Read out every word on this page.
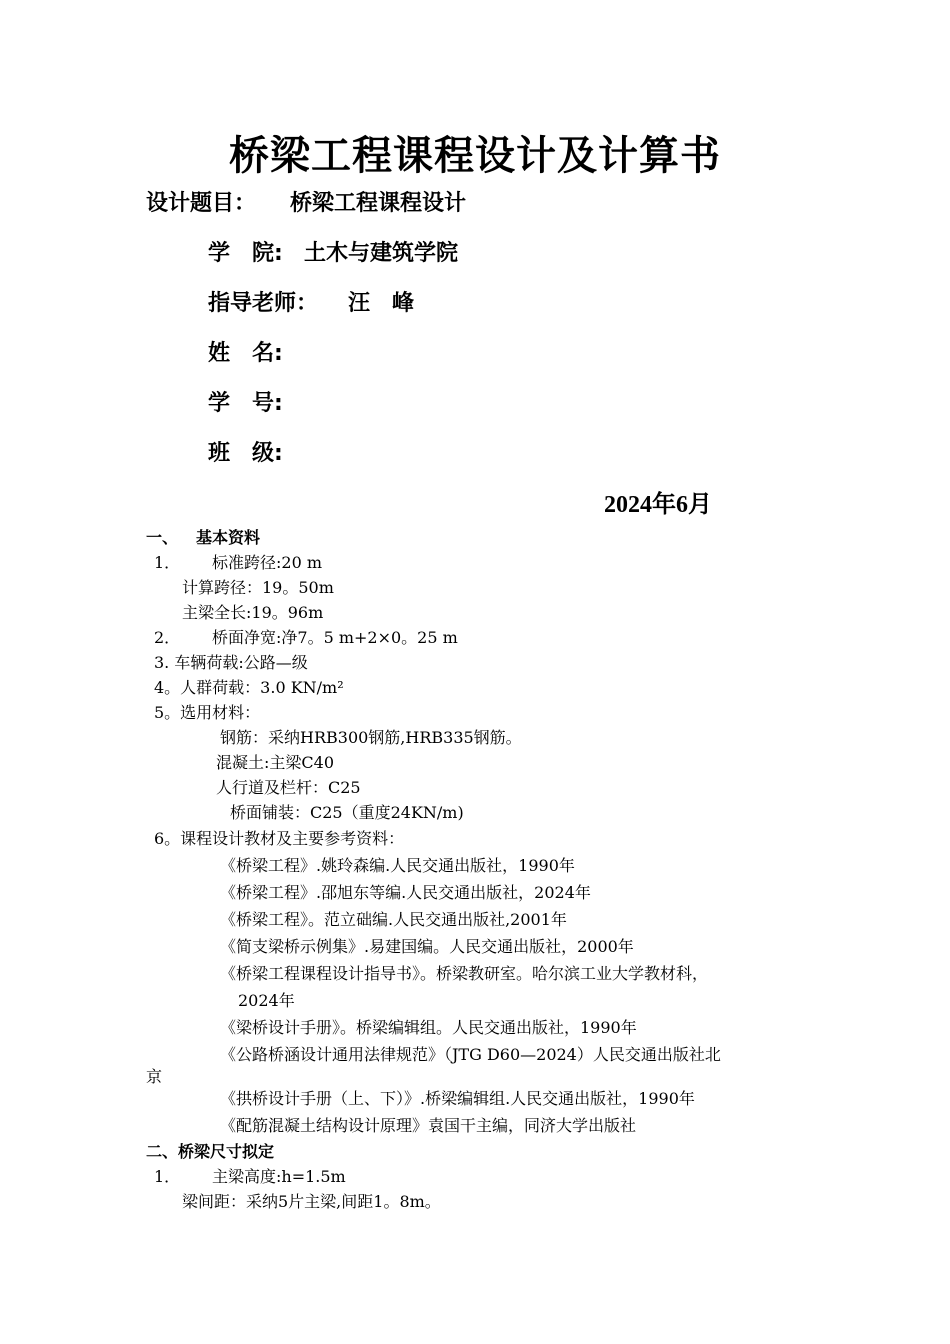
桥梁工程课程设计及计算书
设计题目： 桥梁工程课程设计
学　院: 土木与建筑学院
指导老师： 汪　峰
姓　名:
学　号:
班　级:
2024年6月
一、 基本资料
1． 标准跨径:20 m
计算跨径：19。50m
主梁全长:19。96m
2． 桥面净宽:净7。5 m+2×0。25 m
3. 车辆荷载:公路—级
4。人群荷载：3.0 KN/m²
5。选用材料：
钢筋：采纳HRB300钢筋,HRB335钢筋。
混凝土:主梁C40
人行道及栏杆：C25
桥面铺装：C25（重度24KN/m)
6。课程设计教材及主要参考资料：
《桥梁工程》.姚玲森编.人民交通出版社，1990年
《桥梁工程》.邵旭东等编.人民交通出版社，2024年
《桥梁工程》。范立础编.人民交通出版社,2001年
《简支梁桥示例集》.易建国编。人民交通出版社，2000年
《桥梁工程课程设计指导书》。桥梁教研室。哈尔滨工业大学教材科，
2024年
《梁桥设计手册》。桥梁编辑组。人民交通出版社，1990年
《公路桥涵设计通用法律规范》（JTG D60—2024）人民交通出版社北
京
《拱桥设计手册（上、下）》.桥梁编辑组.人民交通出版社，1990年
《配筋混凝土结构设计原理》袁国干主编，同济大学出版社
二、桥梁尺寸拟定
1． 主梁高度:h=1.5m
梁间距：采纳5片主梁,间距1。8m。
